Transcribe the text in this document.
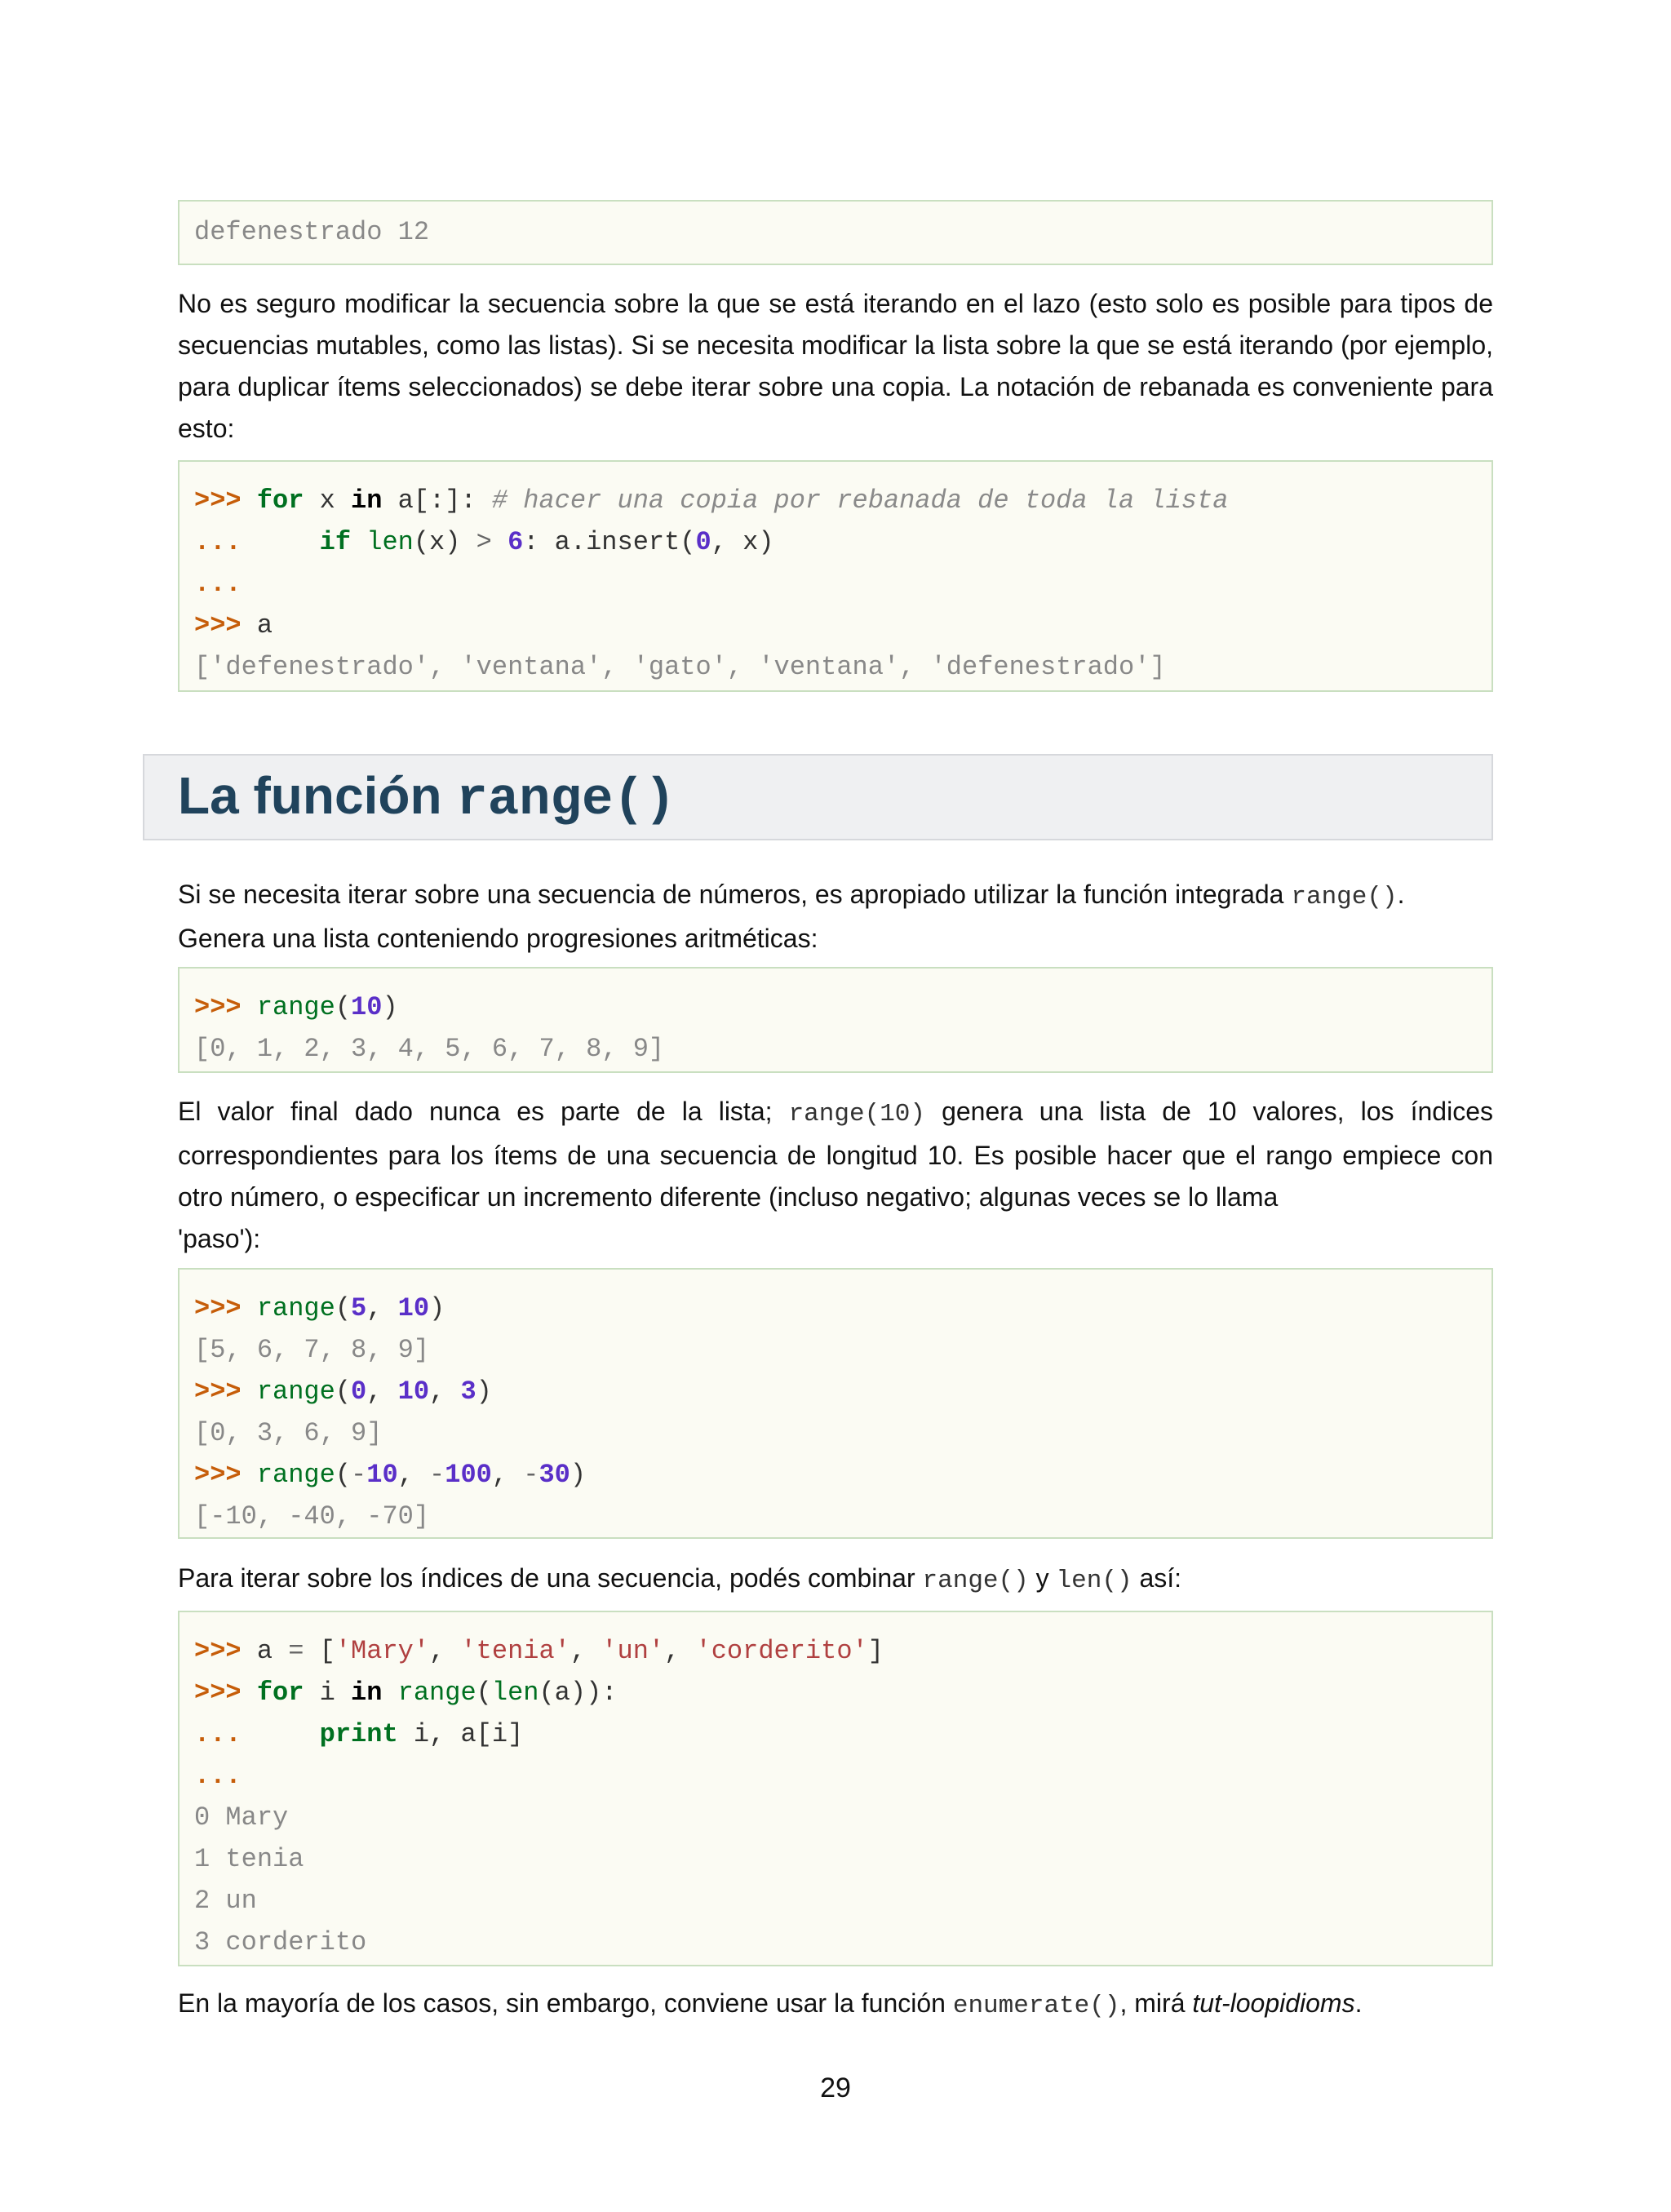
defenestrado 12
No es seguro modificar la secuencia sobre la que se está iterando en el lazo (esto solo es posible para tipos de secuencias mutables, como las listas). Si se necesita modificar la lista sobre la que se está iterando (por ejemplo, para duplicar ítems seleccionados) se debe iterar sobre una copia. La notación de rebanada es conveniente para esto:
>>> for x in a[:]: # hacer una copia por rebanada de toda la lista
...	if len(x) > 6: a.insert(0, x)
...
>>> a
['defenestrado', 'ventana', 'gato', 'ventana', 'defenestrado']
La función range()
Si se necesita iterar sobre una secuencia de números, es apropiado utilizar la función integrada range().
Genera una lista conteniendo progresiones aritméticas:
>>> range(10)
[0, 1, 2, 3, 4, 5, 6, 7, 8, 9]
El valor final dado nunca es parte de la lista; range(10) genera una lista de 10 valores, los índices correspondientes para los ítems de una secuencia de longitud 10. Es posible hacer que el rango empiece con otro número, o especificar un incremento diferente (incluso negativo; algunas veces se lo llama
'paso'):
>>> range(5, 10)
[5, 6, 7, 8, 9]
>>> range(0, 10, 3)
[0, 3, 6, 9]
>>> range(-10, -100, -30)
[-10, -40, -70]
Para iterar sobre los índices de una secuencia, podés combinar range() y len() así:
>>> a = ['Mary', 'tenia', 'un', 'corderito']
>>> for i in range(len(a)):
...	print i, a[i]
...
0 Mary
1 tenia
2 un
3 corderito
En la mayoría de los casos, sin embargo, conviene usar la función enumerate(), mirá tut-loopidioms.
29
